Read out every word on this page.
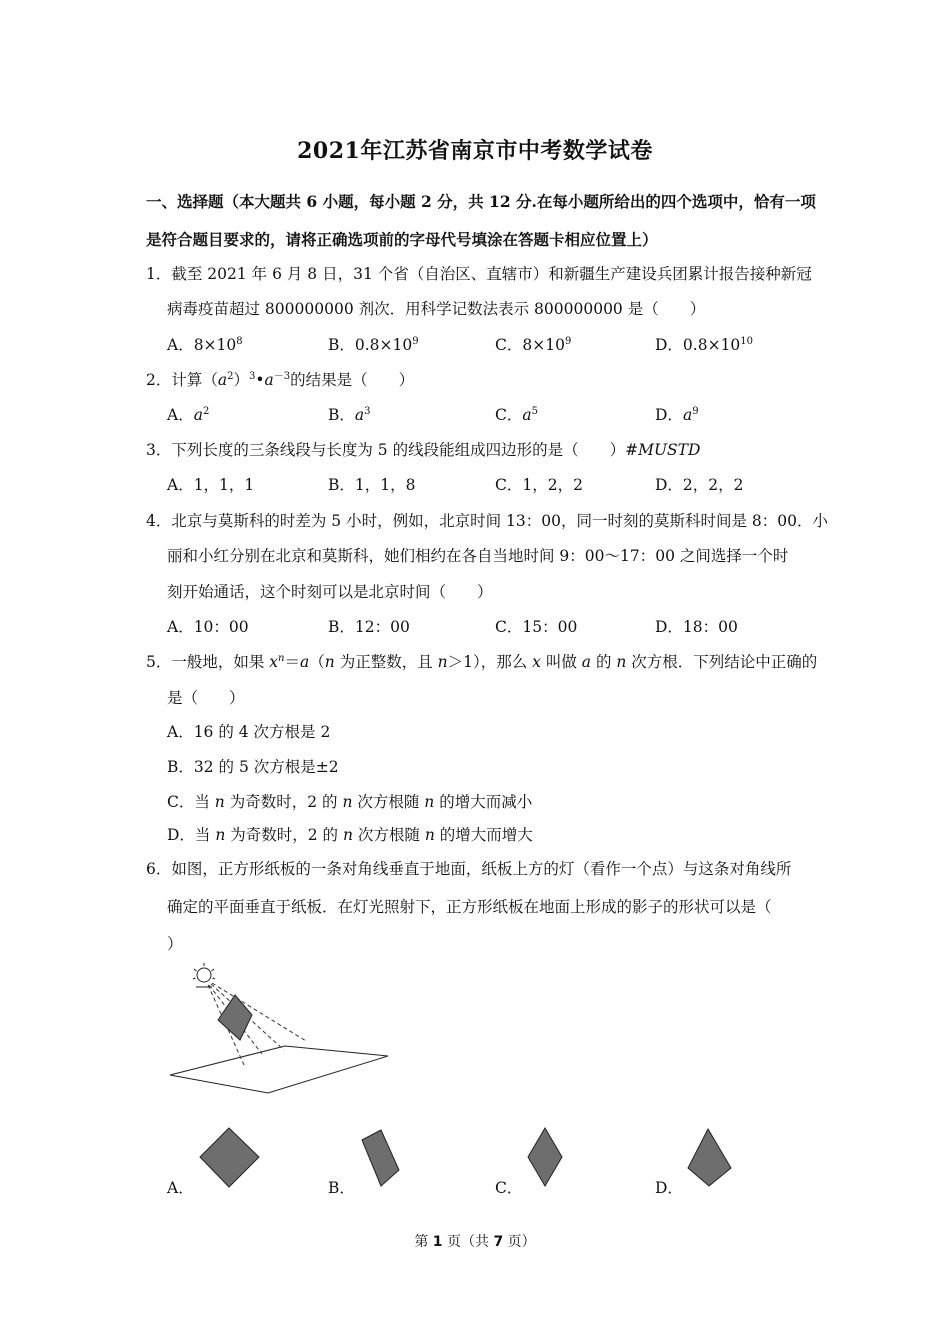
2021年江苏省南京市中考数学试卷
一、选择题（本大题共 6 小题，每小题 2 分，共 12 分.在每小题所给出的四个选项中，恰有一项
是符合题目要求的，请将正确选项前的字母代号填涂在答题卡相应位置上）
1．截至 2021 年 6 月 8 日，31 个省（自治区、直辖市）和新疆生产建设兵团累计报告接种新冠
病毒疫苗超过 800000000 剂次．用科学记数法表示 800000000 是（　　）
A．$8\times 10^8$	B．$0.8\times 10^9$	C．$8\times 10^9$	D．$0.8\times 10^{10}$
2．计算$(a^2)^3•a^{-3}$的结果是（　　）
A．$a^2$	B．$a^3$	C．$a^5$	D．$a^9$
3．下列长度的三条线段与长度为 5 的线段能组成四边形的是（　　）#MUSTD
A．1，1，1	B．1，1，8	C．1，2，2	D．2，2，2
4．北京与莫斯科的时差为 5 小时，例如，北京时间 13：00，同一时刻的莫斯科时间是 8：00．小
丽和小红分别在北京和莫斯科，她们相约在各自当地时间 9：00～17：00 之间选择一个时
刻开始通话，这个时刻可以是北京时间（　　）
A．10：00	B．12：00	C．15：00	D．18：00
5．一般地，如果 $x^n=a(n$ 为正整数，且 n＞1），那么 x 叫做 a 的 n 次方根．下列结论中正确的
是（　　）
A．16 的 4 次方根是 2
B．32 的 5 次方根是±2
C．当 n 为奇数时，2 的 n 次方根随 n 的增大而减小
D．当 n 为奇数时，2 的 n 次方根随 n 的增大而增大
6．如图，正方形纸板的一条对角线垂直于地面，纸板上方的灯（看作一个点）与这条对角线所
确定的平面垂直于纸板．在灯光照射下，正方形纸板在地面上形成的影子的形状可以是（
）
A．	B．	C．	D．
第 1 页（共 7 页）
